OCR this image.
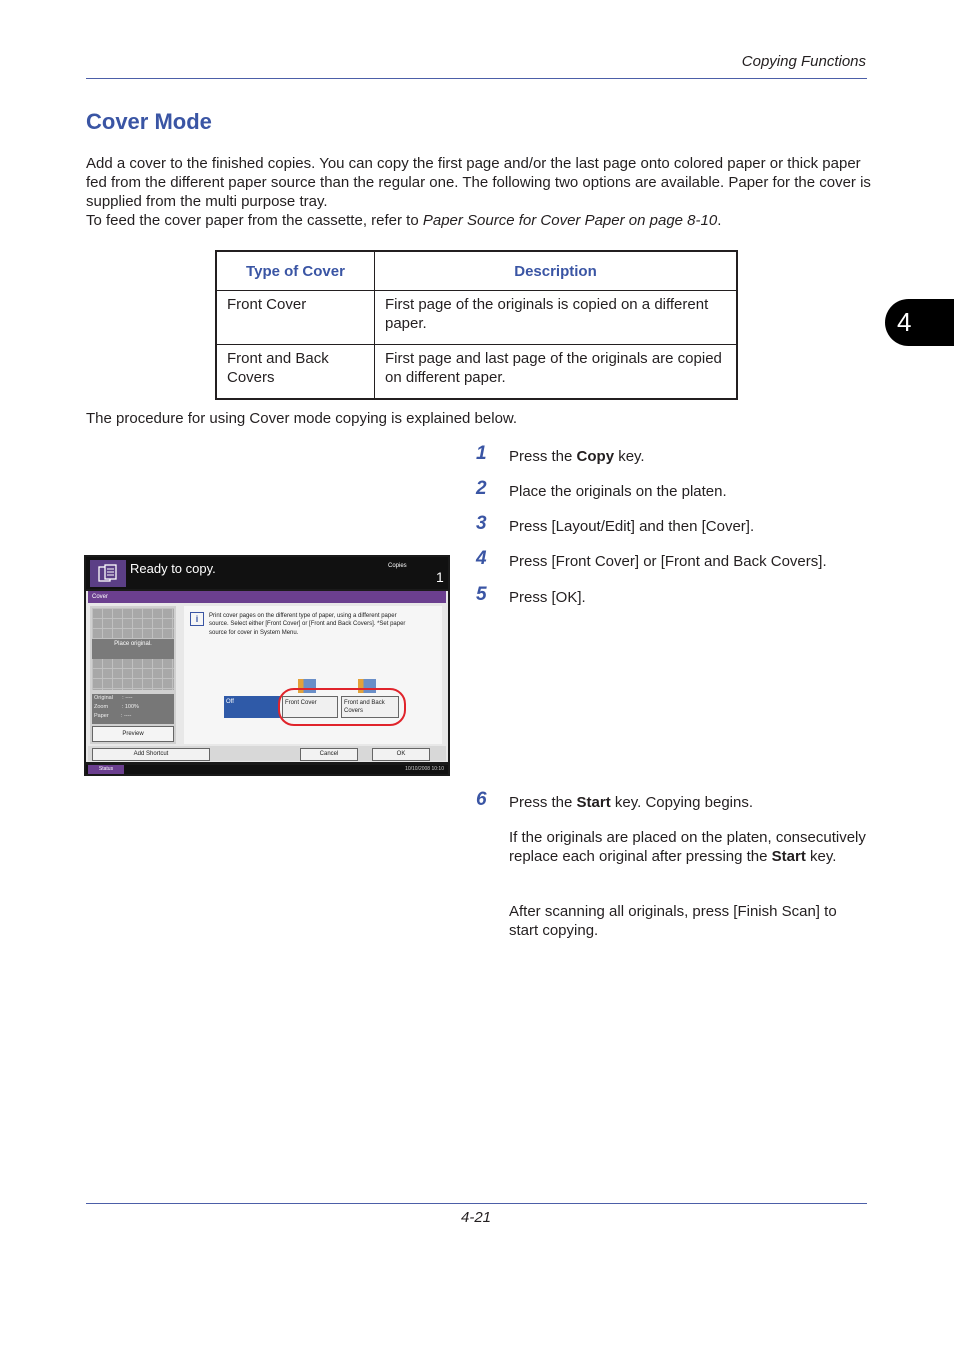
Copying Functions
Cover Mode

Add a cover to the finished copies. You can copy the first page and/or the last page onto colored paper or thick paper fed from the different paper source than the regular one. The following two options are available. Paper for the cover is supplied from the multi purpose tray.

To feed the cover paper from the cassette, refer to Paper Source for Cover Paper on page 8-10.

Type of Cover	Description
Front Cover	First page of the originals is copied on a different paper.
Front and Back Covers	First page and last page of the originals are copied on different paper.
The procedure for using Cover mode copying is explained below.
1 Press the Copy key.
2 Place the originals on the platen.
3 Press [Layout/Edit] and then [Cover].
4 Press [Front Cover] or [Front and Back Covers].
5 Press [OK].
6 Press the Start key. Copying begins.
If the originals are placed on the platen, consecutively replace each original after pressing the Start key.
After scanning all originals, press [Finish Scan] to start copying.
4
Ready to copy.	Copies
1
Cover
Place original.
Original      : ----
Zoom         : 100%
Paper        : ----
Preview
i	Print cover pages on the different type of paper, using a different paper source. Select either [Front Cover] or [Front and Back Covers]. *Set paper source for cover in System Menu.
Off	Front Cover	Front and Back Covers
Add Shortcut	Cancel	OK
Status	10/10/2008 10:10
4-21
